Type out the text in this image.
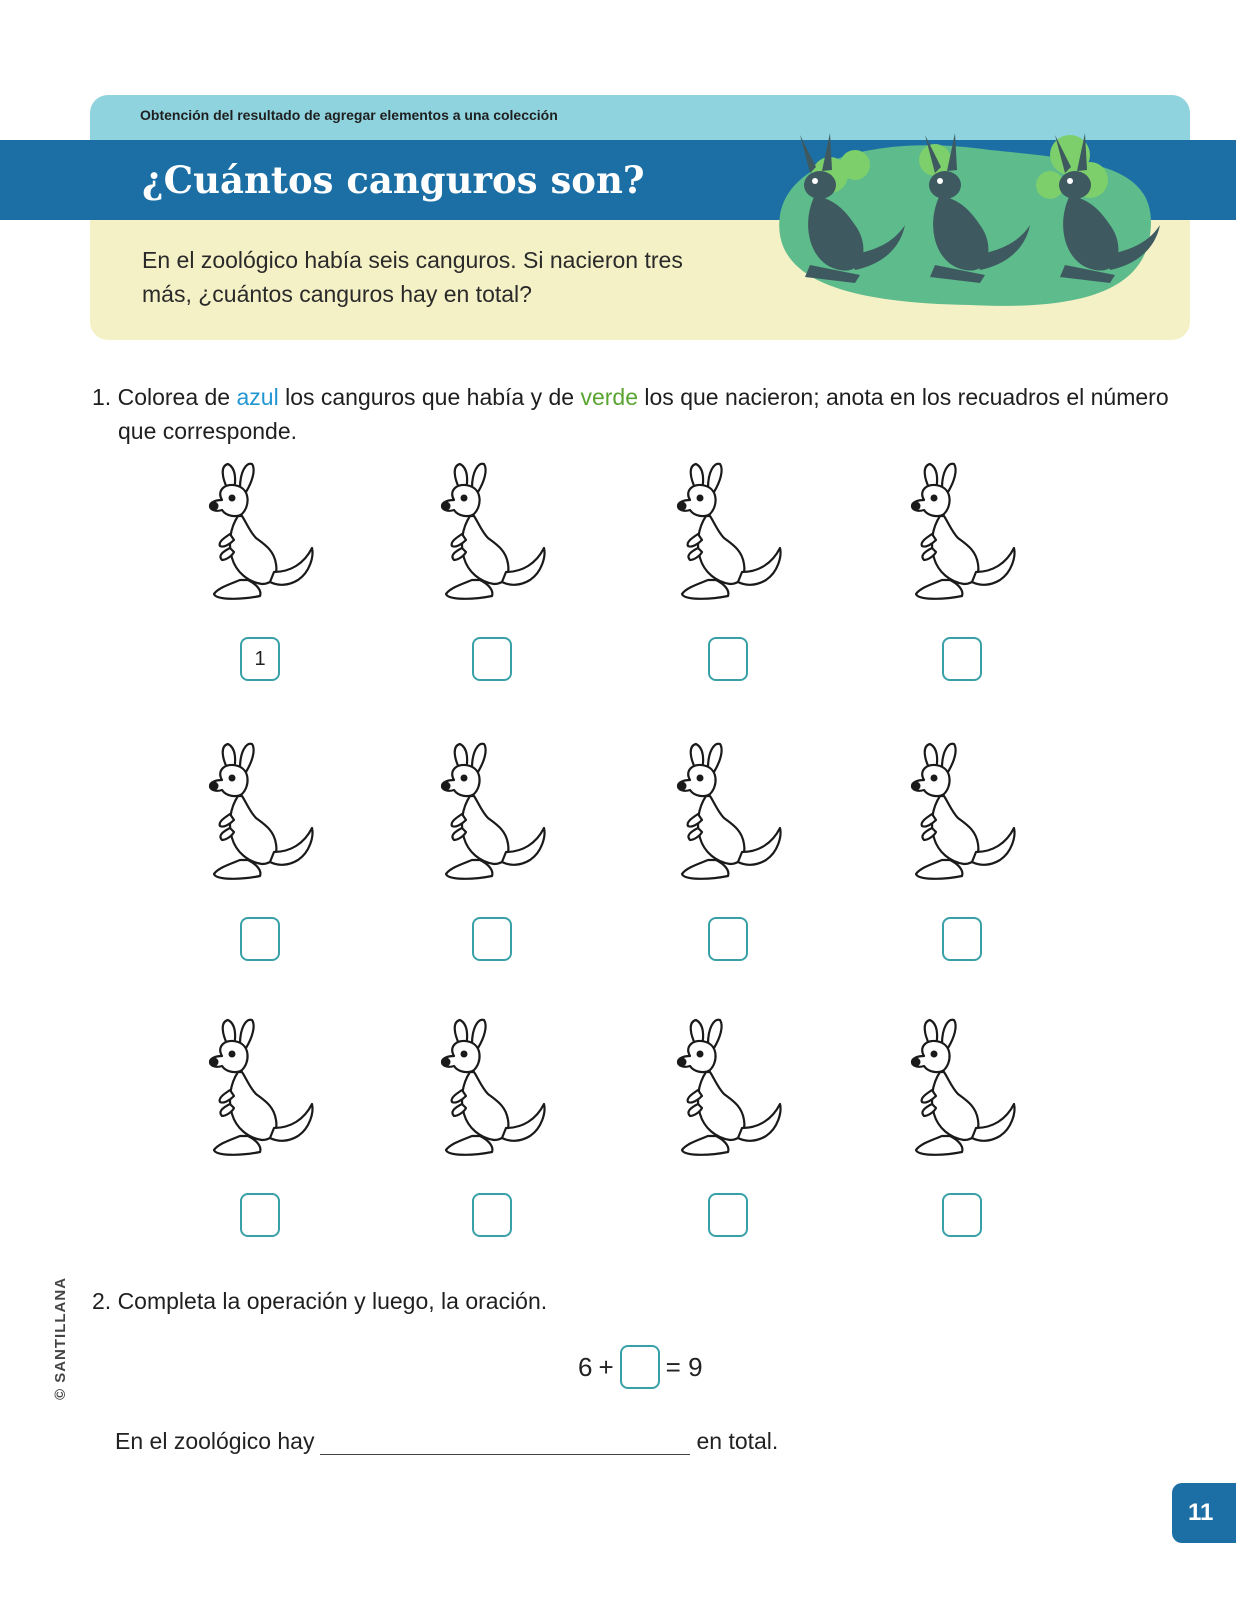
Obtención del resultado de agregar elementos a una colección
¿Cuántos canguros son?

En el zoológico había seis canguros. Si nacieron tres más, ¿cuántos canguros hay en total?

1. Colorea de azul los canguros que había y de verde los que nacieron; anota en los recuadros el número que corresponde.

1

2. Completa la operación y luego, la oración.

6 + = 9
En el zoológico hay	en total.
© SANTILLANA
11
